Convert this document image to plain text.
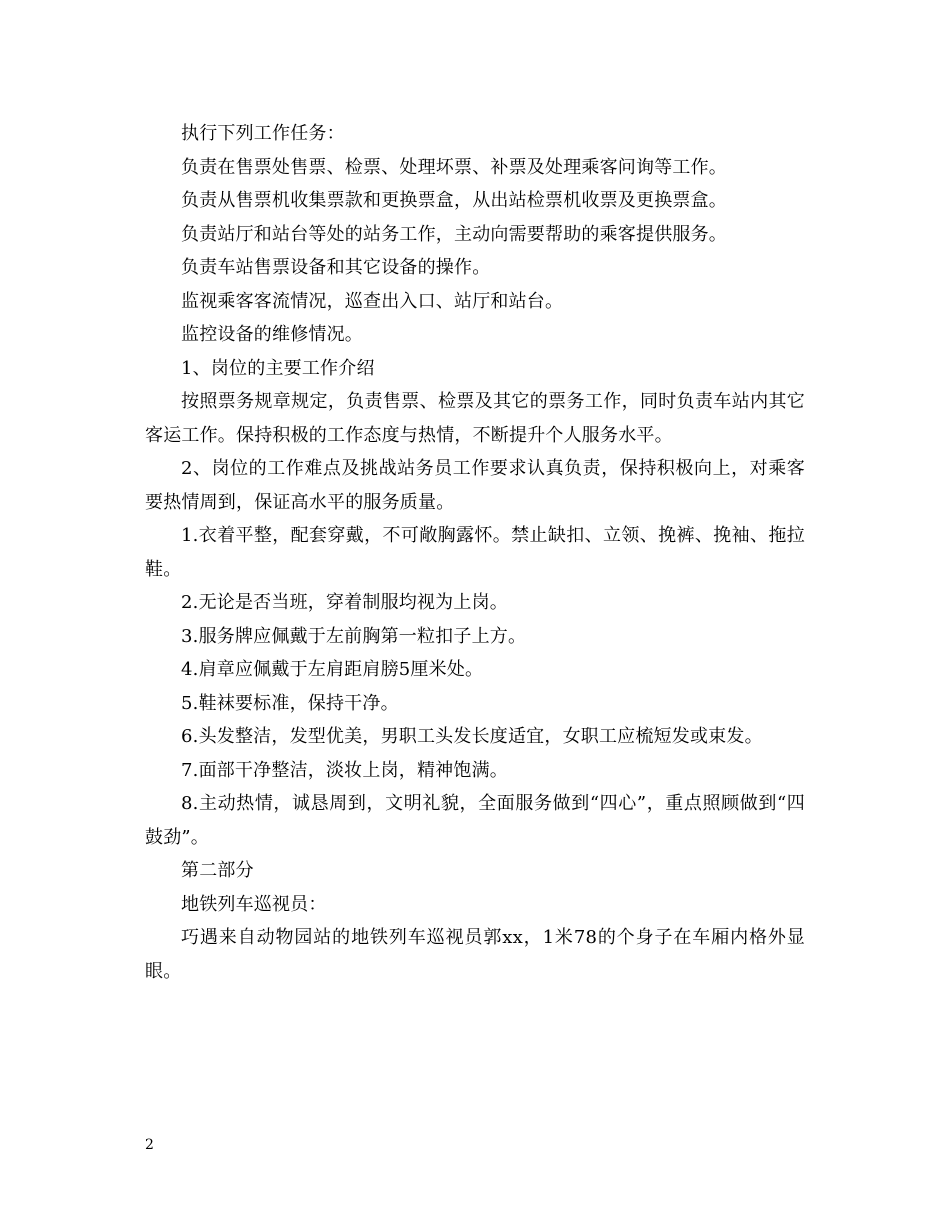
执行下列工作任务：

负责在售票处售票、检票、处理坏票、补票及处理乘客问询等工作。

负责从售票机收集票款和更换票盒，从出站检票机收票及更换票盒。

负责站厅和站台等处的站务工作，主动向需要帮助的乘客提供服务。

负责车站售票设备和其它设备的操作。

监视乘客客流情况，巡查出入口、站厅和站台。

监控设备的维修情况。

1、岗位的主要工作介绍

按照票务规章规定，负责售票、检票及其它的票务工作，同时负责车站内其它客运工作。保持积极的工作态度与热情，不断提升个人服务水平。

2、岗位的工作难点及挑战站务员工作要求认真负责，保持积极向上，对乘客要热情周到，保证高水平的服务质量。

1.衣着平整，配套穿戴，不可敞胸露怀。禁止缺扣、立领、挽裤、挽袖、拖拉鞋。

2.无论是否当班，穿着制服均视为上岗。

3.服务牌应佩戴于左前胸第一粒扣子上方。

4.肩章应佩戴于左肩距肩膀5厘米处。

5.鞋袜要标准，保持干净。

6.头发整洁，发型优美，男职工头发长度适宜，女职工应梳短发或束发。

7.面部干净整洁，淡妆上岗，精神饱满。

8.主动热情，诚恳周到，文明礼貌，全面服务做到“四心”，重点照顾做到“四鼓劲”。

第二部分

地铁列车巡视员：

巧遇来自动物园站的地铁列车巡视员郭xx，1米78的个身子在车厢内格外显眼。

2
